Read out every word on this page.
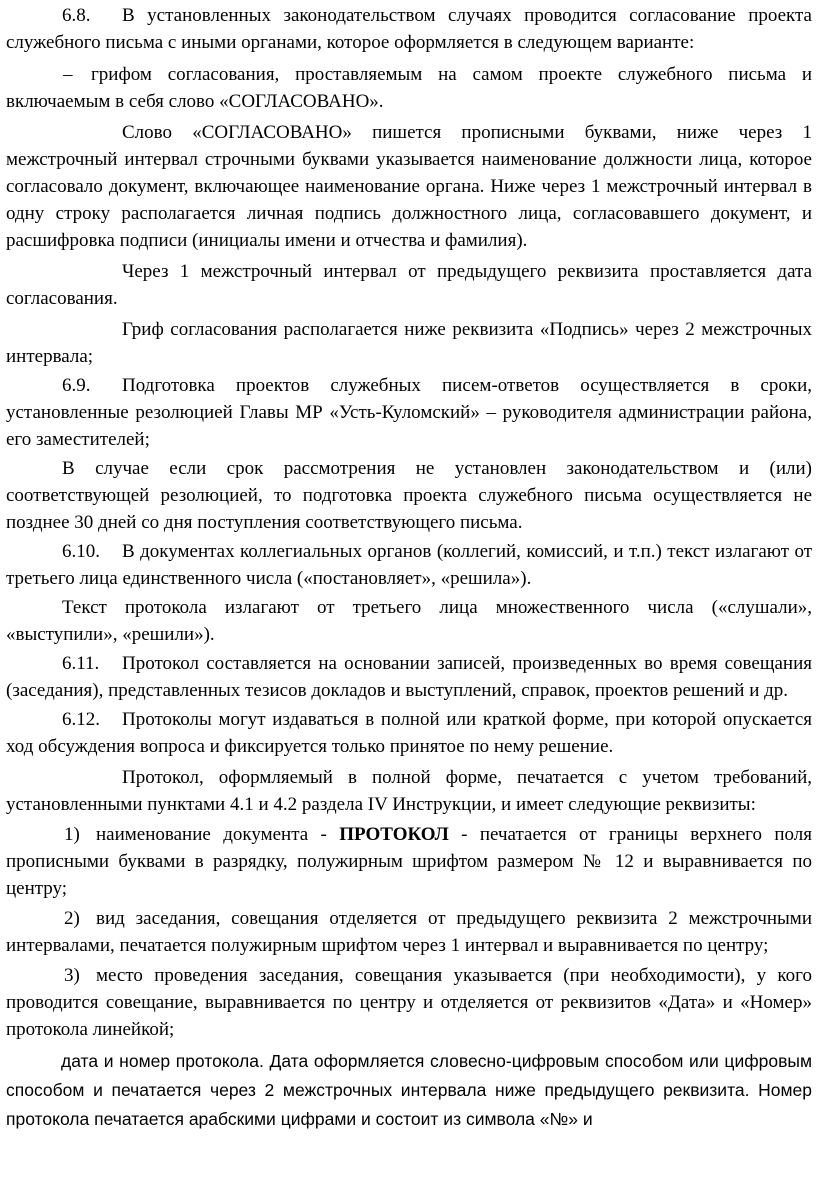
6.8. В установленных законодательством случаях проводится согласование проекта служебного письма с иными органами, которое оформляется в следующем варианте:

– грифом согласования, проставляемым на самом проекте служебного письма и включаемым в себя слово «СОГЛАСОВАНО».

Слово «СОГЛАСОВАНО» пишется прописными буквами, ниже через 1 межстрочный интервал строчными буквами указывается наименование должности лица, которое согласовало документ, включающее наименование органа. Ниже через 1 межстрочный интервал в одну строку располагается личная подпись должностного лица, согласовавшего документ, и расшифровка подписи (инициалы имени и отчества и фамилия).

Через 1 межстрочный интервал от предыдущего реквизита проставляется дата согласования.

Гриф согласования располагается ниже реквизита «Подпись» через 2 межстрочных интервала;

6.9. Подготовка проектов служебных писем-ответов осуществляется в сроки, установленные резолюцией Главы МР «Усть-Куломский» – руководителя администрации района, его заместителей;

В случае если срок рассмотрения не установлен законодательством и (или) соответствующей резолюцией, то подготовка проекта служебного письма осуществляется не позднее 30 дней со дня поступления соответствующего письма.

6.10. В документах коллегиальных органов (коллегий, комиссий, и т.п.) текст излагают от третьего лица единственного числа («постановляет», «решила»).

Текст протокола излагают от третьего лица множественного числа («слушали», «выступили», «решили»).

6.11. Протокол составляется на основании записей, произведенных во время совещания (заседания), представленных тезисов докладов и выступлений, справок, проектов решений и др.

6.12. Протоколы могут издаваться в полной или краткой форме, при которой опускается ход обсуждения вопроса и фиксируется только принятое по нему решение.

Протокол, оформляемый в полной форме, печатается с учетом требований, установленными пунктами 4.1 и 4.2 раздела IV Инструкции, и имеет следующие реквизиты:

1) наименование документа - ПРОТОКОЛ - печатается от границы верхнего поля прописными буквами в разрядку, полужирным шрифтом размером № 12 и выравнивается по центру;

2) вид заседания, совещания отделяется от предыдущего реквизита 2 межстрочными интервалами, печатается полужирным шрифтом через 1 интервал и выравнивается по центру;

3) место проведения заседания, совещания указывается (при необходимости), у кого проводится совещание, выравнивается по центру и отделяется от реквизитов «Дата» и «Номер» протокола линейкой;

дата и номер протокола. Дата оформляется словесно-цифровым способом или цифровым способом и печатается через 2 межстрочных интервала ниже предыдущего реквизита. Номер протокола печатается арабскими цифрами и состоит из символа «№» и
